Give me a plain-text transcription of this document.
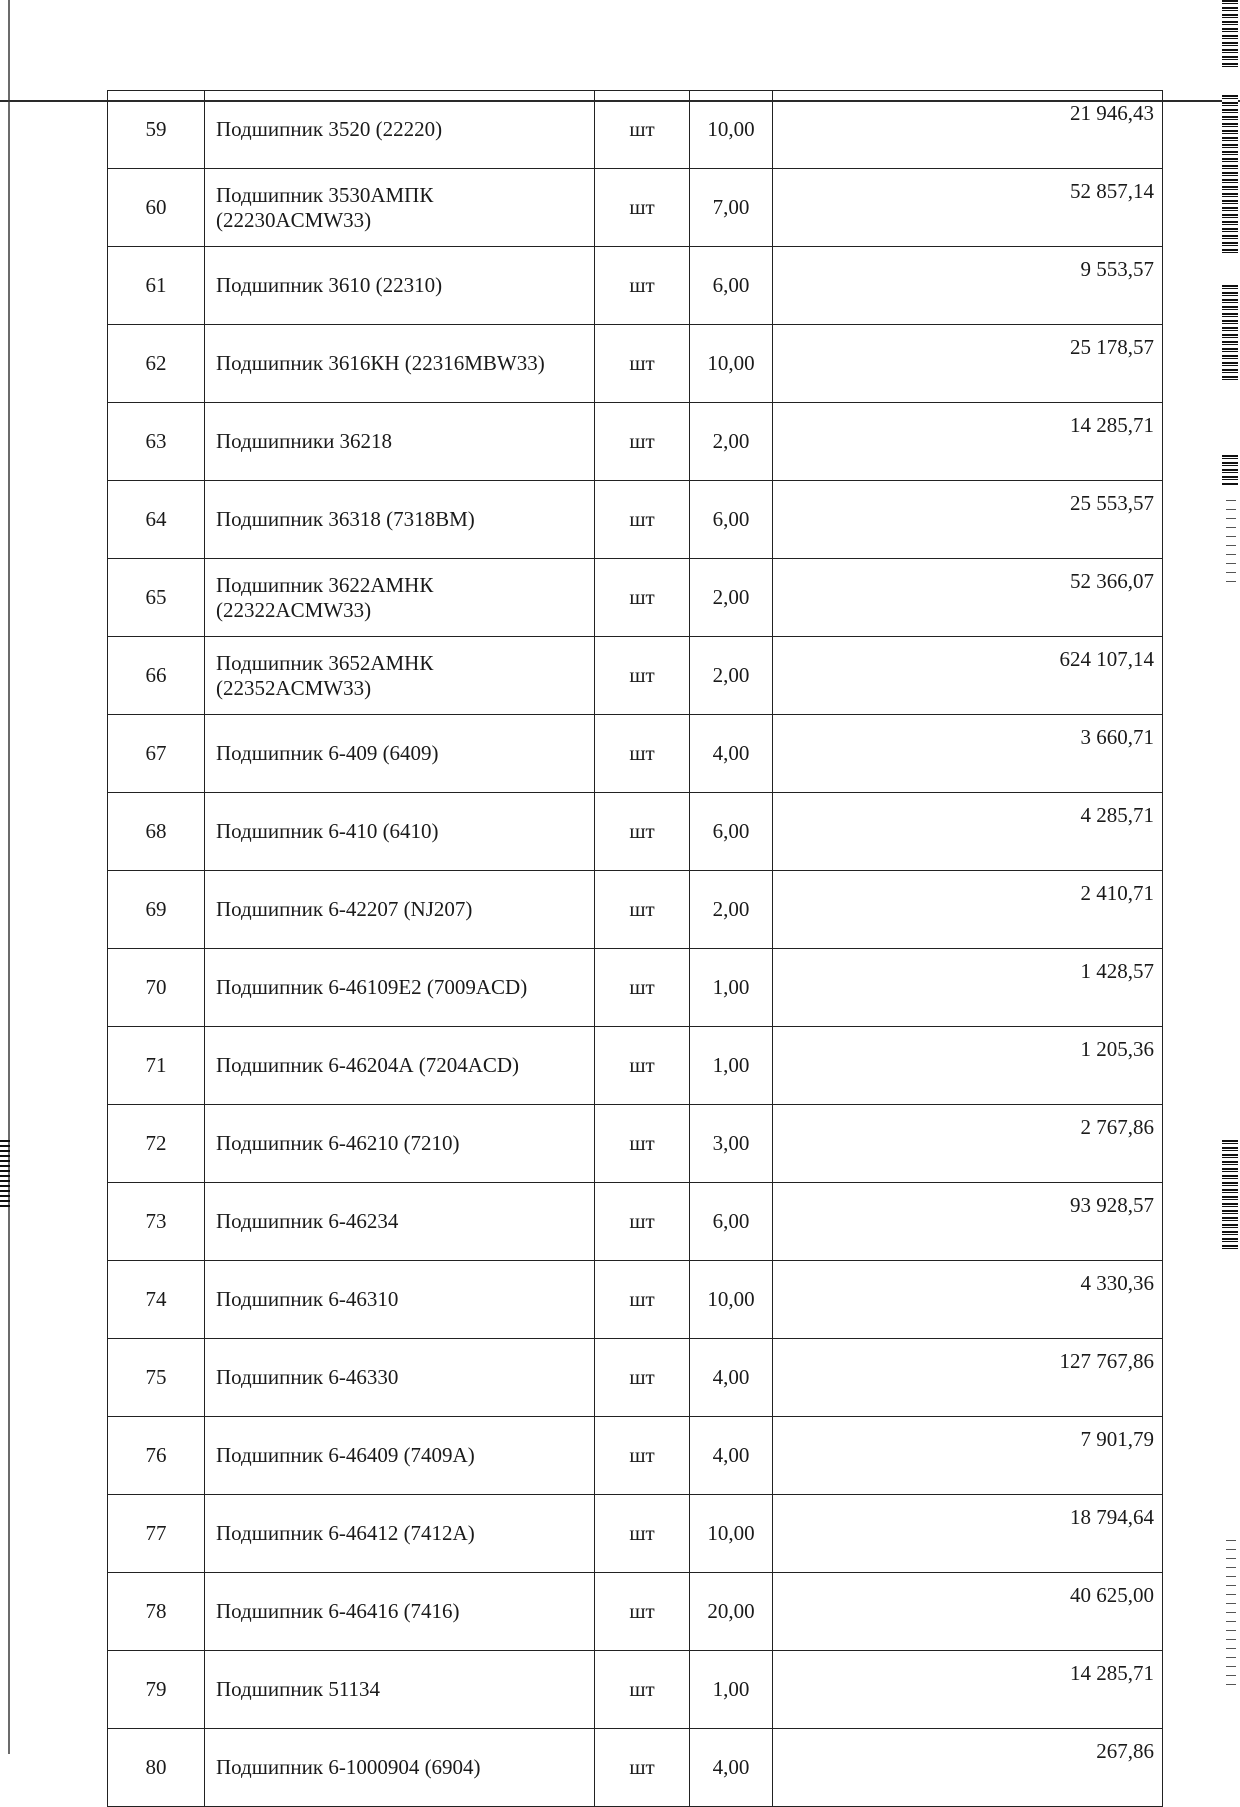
59	Подшипник 3520 (22220)	шт	10,00	21 946,43
60	Подшипник 3530АМПК (22230ACMW33)	шт	7,00	52 857,14
61	Подшипник 3610 (22310)	шт	6,00	9 553,57
62	Подшипник 3616КН (22316MBW33)	шт	10,00	25 178,57
63	Подшипники 36218	шт	2,00	14 285,71
64	Подшипник 36318 (7318BM)	шт	6,00	25 553,57
65	Подшипник 3622АМНК (22322ACMW33)	шт	2,00	52 366,07
66	Подшипник 3652АМНК (22352ACMW33)	шт	2,00	624 107,14
67	Подшипник 6-409 (6409)	шт	4,00	3 660,71
68	Подшипник 6-410 (6410)	шт	6,00	4 285,71
69	Подшипник 6-42207 (NJ207)	шт	2,00	2 410,71
70	Подшипник 6-46109Е2 (7009ACD)	шт	1,00	1 428,57
71	Подшипник 6-46204А (7204ACD)	шт	1,00	1 205,36
72	Подшипник 6-46210 (7210)	шт	3,00	2 767,86
73	Подшипник 6-46234	шт	6,00	93 928,57
74	Подшипник 6-46310	шт	10,00	4 330,36
75	Подшипник 6-46330	шт	4,00	127 767,86
76	Подшипник 6-46409 (7409А)	шт	4,00	7 901,79
77	Подшипник 6-46412 (7412А)	шт	10,00	18 794,64
78	Подшипник 6-46416 (7416)	шт	20,00	40 625,00
79	Подшипник 51134	шт	1,00	14 285,71
80	Подшипник 6-1000904 (6904)	шт	4,00	267,86
